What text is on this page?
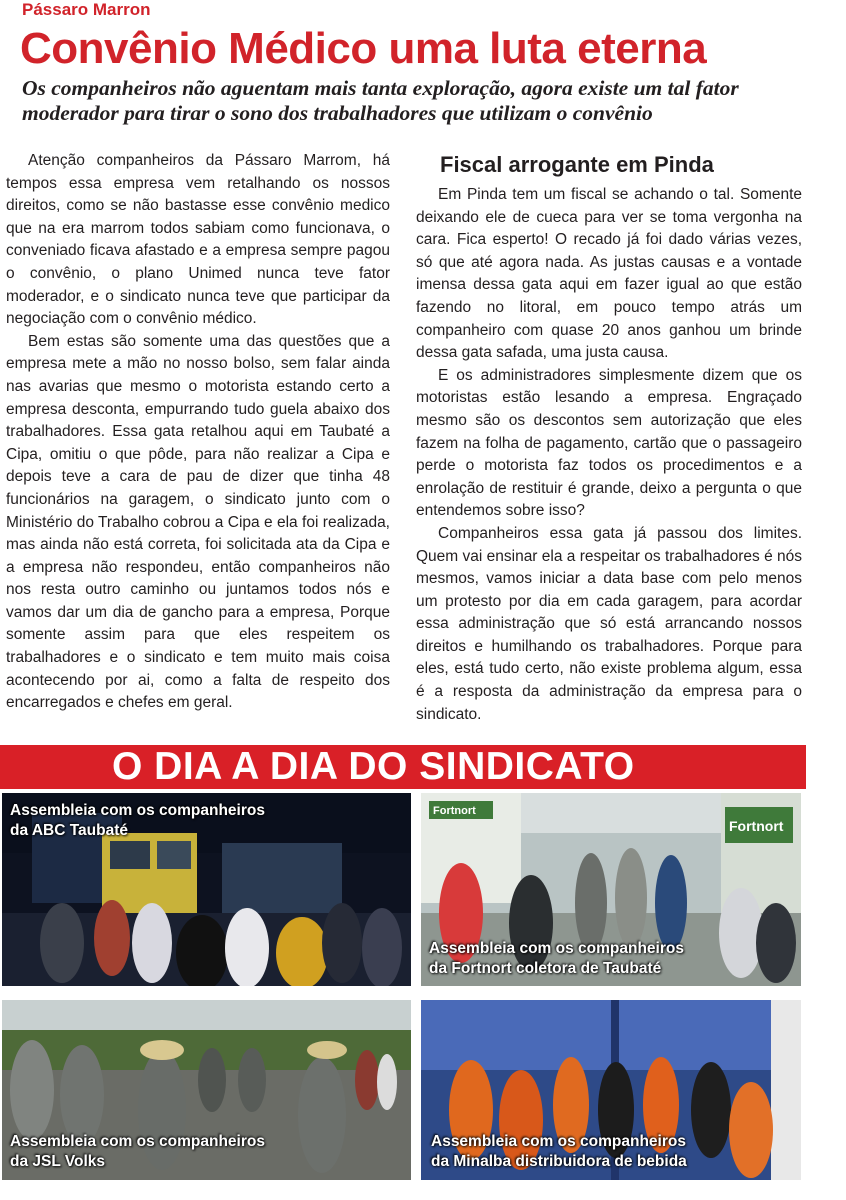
Pássaro Marron
Convênio Médico uma luta eterna
Os companheiros não aguentam mais tanta exploração, agora existe um tal fator moderador para tirar o sono dos trabalhadores que utilizam o convênio

Atenção companheiros da Pássaro Marrom, há tempos essa empresa vem retalhando os nossos direitos, como se não bastasse esse convênio medico que na era marrom todos sabiam como funcionava, o conveniado ficava afastado e a empresa sempre pagou o convênio, o plano Unimed nunca teve fator moderador, e o sindicato nunca teve que participar da negociação com o convênio médico.

Bem estas são somente uma das questões que a empresa mete a mão no nosso bolso, sem falar ainda nas avarias que mesmo o motorista estando certo a empresa desconta, empurrando tudo guela abaixo dos trabalhadores. Essa gata retalhou aqui em Taubaté a Cipa, omitiu o que pôde, para não realizar a Cipa e depois teve a cara de pau de dizer que tinha 48 funcionários na garagem, o sindicato junto com o Ministério do Trabalho cobrou a Cipa e ela foi realizada, mas ainda não está correta, foi solicitada ata da Cipa e a empresa não respondeu, então companheiros não nos resta outro caminho ou juntamos todos nós e vamos dar um dia de gancho para a empresa, Porque somente assim para que eles respeitem os trabalhadores e o sindicato e tem muito mais coisa acontecendo por ai, como a falta de respeito dos encarregados e chefes em geral.

Fiscal arrogante em Pinda

Em Pinda tem um fiscal se achando o tal. Somente deixando ele de cueca para ver se toma vergonha na cara. Fica esperto! O recado já foi dado várias vezes, só que até agora nada. As justas causas e a vontade imensa dessa gata aqui em fazer igual ao que estão fazendo no litoral, em pouco tempo atrás um companheiro com quase 20 anos ganhou um brinde dessa gata safada, uma justa causa.

E os administradores simplesmente dizem que os motoristas estão lesando a empresa. Engraçado mesmo são os descontos sem autorização que eles fazem na folha de pagamento, cartão que o passageiro perde o motorista faz todos os procedimentos e a enrolação de restituir é grande, deixo a pergunta o que entendemos sobre isso?

Companheiros essa gata já passou dos limites. Quem vai ensinar ela a respeitar os trabalhadores é nós mesmos, vamos iniciar a data base com pelo menos um protesto por dia em cada garagem, para acordar essa administração que só está arrancando nossos direitos e humilhando os trabalhadores. Porque para eles, está tudo certo, não existe problema algum, essa é a resposta da administração da empresa para o sindicato.

O DIA A DIA DO SINDICATO
Assembleia com os companheiros
da ABC Taubaté
Fortnort
Fortnort
Assembleia com os companheiros
da Fortnort coletora de Taubaté
Assembleia com os companheiros
da JSL Volks
Assembleia com os companheiros
da Minalba distribuidora de bebida
